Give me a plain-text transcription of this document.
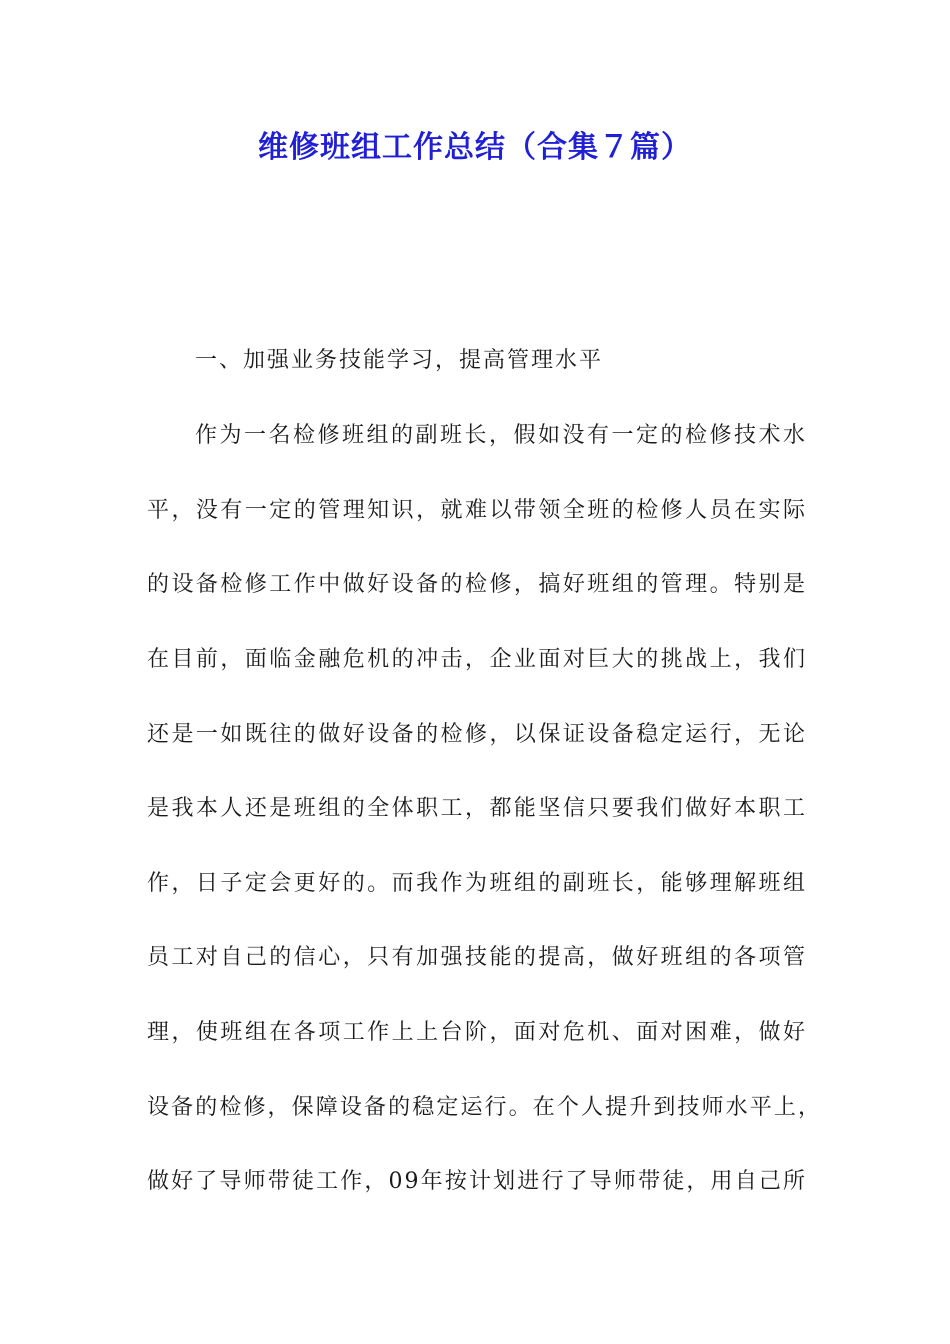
维修班组工作总结（合集７篇）
一、加强业务技能学习，提高管理水平
作为一名检修班组的副班长，假如没有一定的检修技术水
平，没有一定的管理知识，就难以带领全班的检修人员在实际
的设备检修工作中做好设备的检修，搞好班组的管理。特别是
在目前，面临金融危机的冲击，企业面对巨大的挑战上，我们
还是一如既往的做好设备的检修，以保证设备稳定运行，无论
是我本人还是班组的全体职工，都能坚信只要我们做好本职工
作，日子定会更好的。而我作为班组的副班长，能够理解班组
员工对自己的信心，只有加强技能的提高，做好班组的各项管
理，使班组在各项工作上上台阶，面对危机、面对困难，做好
设备的检修，保障设备的稳定运行。在个人提升到技师水平上，
做好了导师带徒工作，09年按计划进行了导师带徒，用自己所
